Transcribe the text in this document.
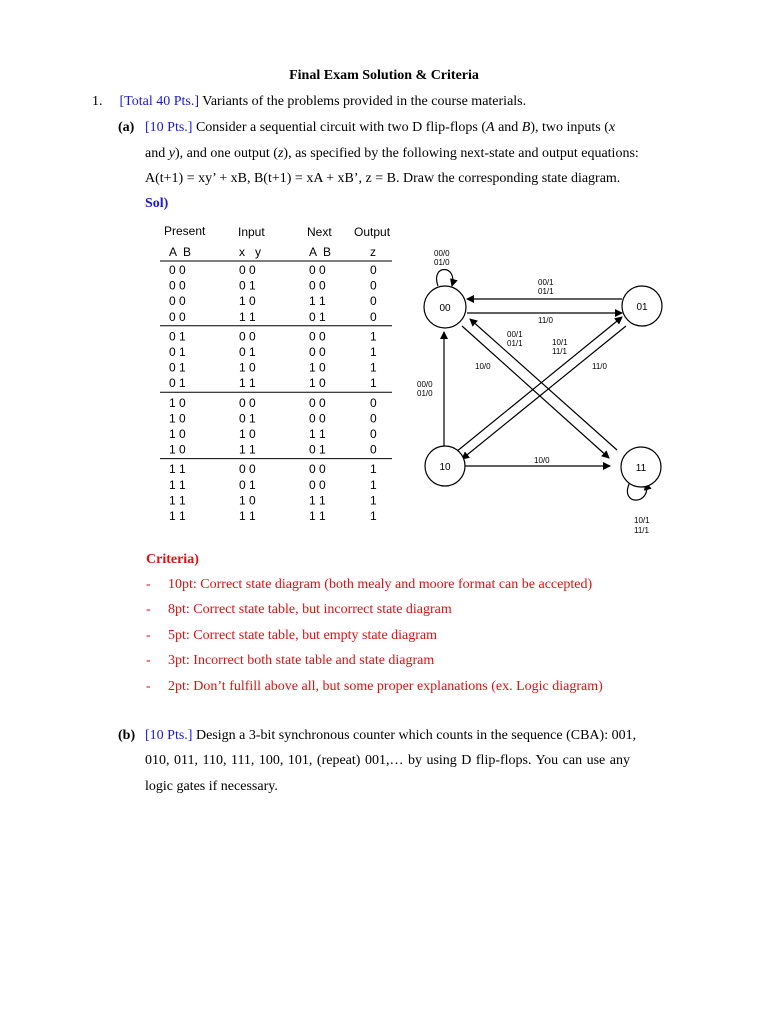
Final Exam Solution & Criteria
1. [Total 40 Pts.] Variants of the problems provided in the course materials.
(a) [10 Pts.] Consider a sequential circuit with two D flip-flops (A and B), two inputs (x
and y), and one output (z), as specified by the following next-state and output equations:
A(t+1) = xy’ + xB, B(t+1) = xA + xB’, z = B. Draw the corresponding state diagram.
Sol)
Present	Input	Next Output
A  B	x   y	A  B	z
0 0	0 0	0 0	0
0 0	0 1	0 0	0
0 0	1 0	1 1	0
0 0	1 1	0 1	0
0 1	0 0	0 0	1
0 1	0 1	0 0	1
0 1	1 0	1 0	1
0 1	1 1	1 0	1
1 0	0 0	0 0	0
1 0	0 1	0 0	0
1 0	1 0	1 1	0
1 0	1 1	0 1	0
1 1	0 0	0 0	1
1 1	0 1	0 0	1
1 1	1 0	1 1	1
1 1	1 1	1 1	1
00	01
10	11
00/0
01/0
00/1
01/1
11/0
00/1
01/1	10/1
11/1
10/0	11/0
00/0
01/0
10/0
10/1
11/1
Criteria)
- 10pt: Correct state diagram (both mealy and moore format can be accepted)
- 8pt: Correct state table, but incorrect state diagram
- 5pt: Correct state table, but empty state diagram
- 3pt: Incorrect both state table and state diagram
- 2pt: Don’t fulfill above all, but some proper explanations (ex. Logic diagram)
(b) [10 Pts.] Design a 3-bit synchronous counter which counts in the sequence (CBA): 001,
010, 011, 110, 111, 100, 101, (repeat) 001,… by using D flip-flops. You can use any
logic gates if necessary.
